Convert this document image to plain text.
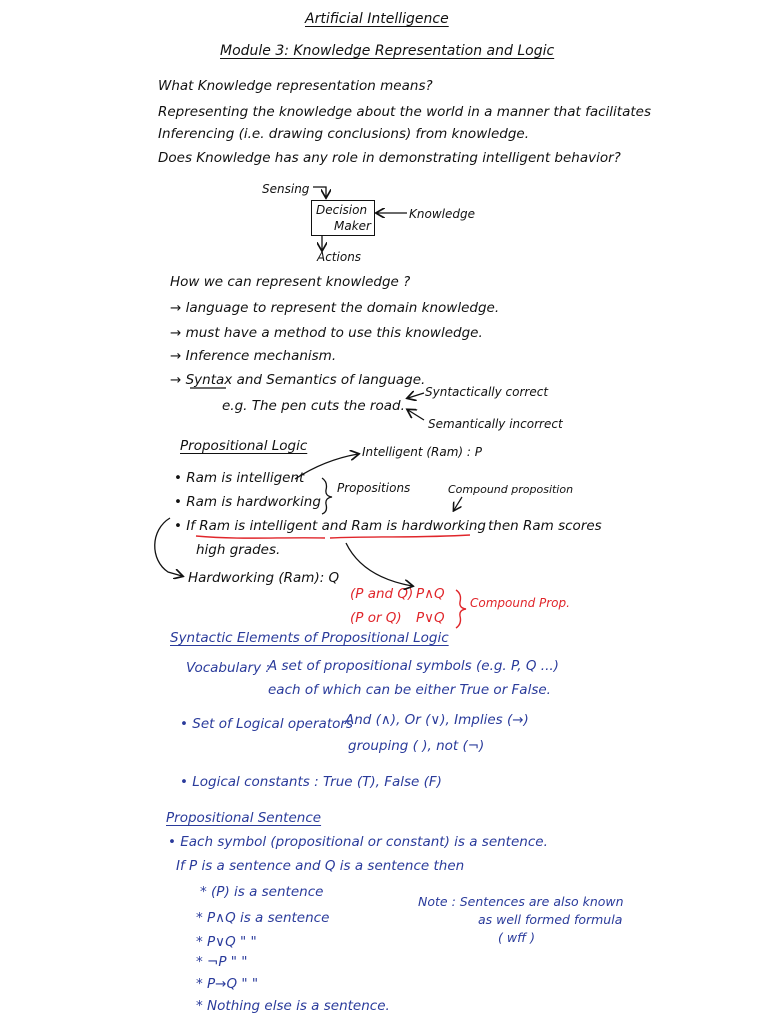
Artificial Intelligence
Module 3: Knowledge Representation and Logic
What Knowledge representation means?
Representing the knowledge about the world in a manner that facilitates
Inferencing (i.e. drawing conclusions) from knowledge.
Does Knowledge has any role in demonstrating intelligent behavior?
Sensing
Decision
Maker
Knowledge
Actions
How we can represent knowledge ?
→ language to represent the domain knowledge.
→ must have a method to use this knowledge.
→ Inference mechanism.
→ Syntax and Semantics of language.
e.g. The pen cuts the road.
Syntactically correct
Semantically incorrect
Propositional Logic	Intelligent (Ram) : P
• Ram is intelligent
Compound proposition
• Ram is hardworking
Propositions
• If Ram is intelligent and Ram is hardworking then Ram scores
high grades.
Hardworking (Ram): Q
(P and Q) P∧Q
(P or Q) P∨Q
Compound Prop.
Syntactic Elements of Propositional Logic
Vocabulary :
A set of propositional symbols (e.g. P, Q ...)
each of which can be either True or False.
• Set of Logical operators
And (∧), Or (∨), Implies (→)
grouping ( ), not (¬)
• Logical constants : True (T), False (F)
Propositional Sentence
• Each symbol (propositional or constant) is a sentence.
If P is a sentence and Q is a sentence then
* (P) is a sentence
* P∧Q is a sentence
* P∨Q " "
* ¬P " "
* P→Q " "
* Nothing else is a sentence.
Note : Sentences are also known
as well formed formula
( wff )
